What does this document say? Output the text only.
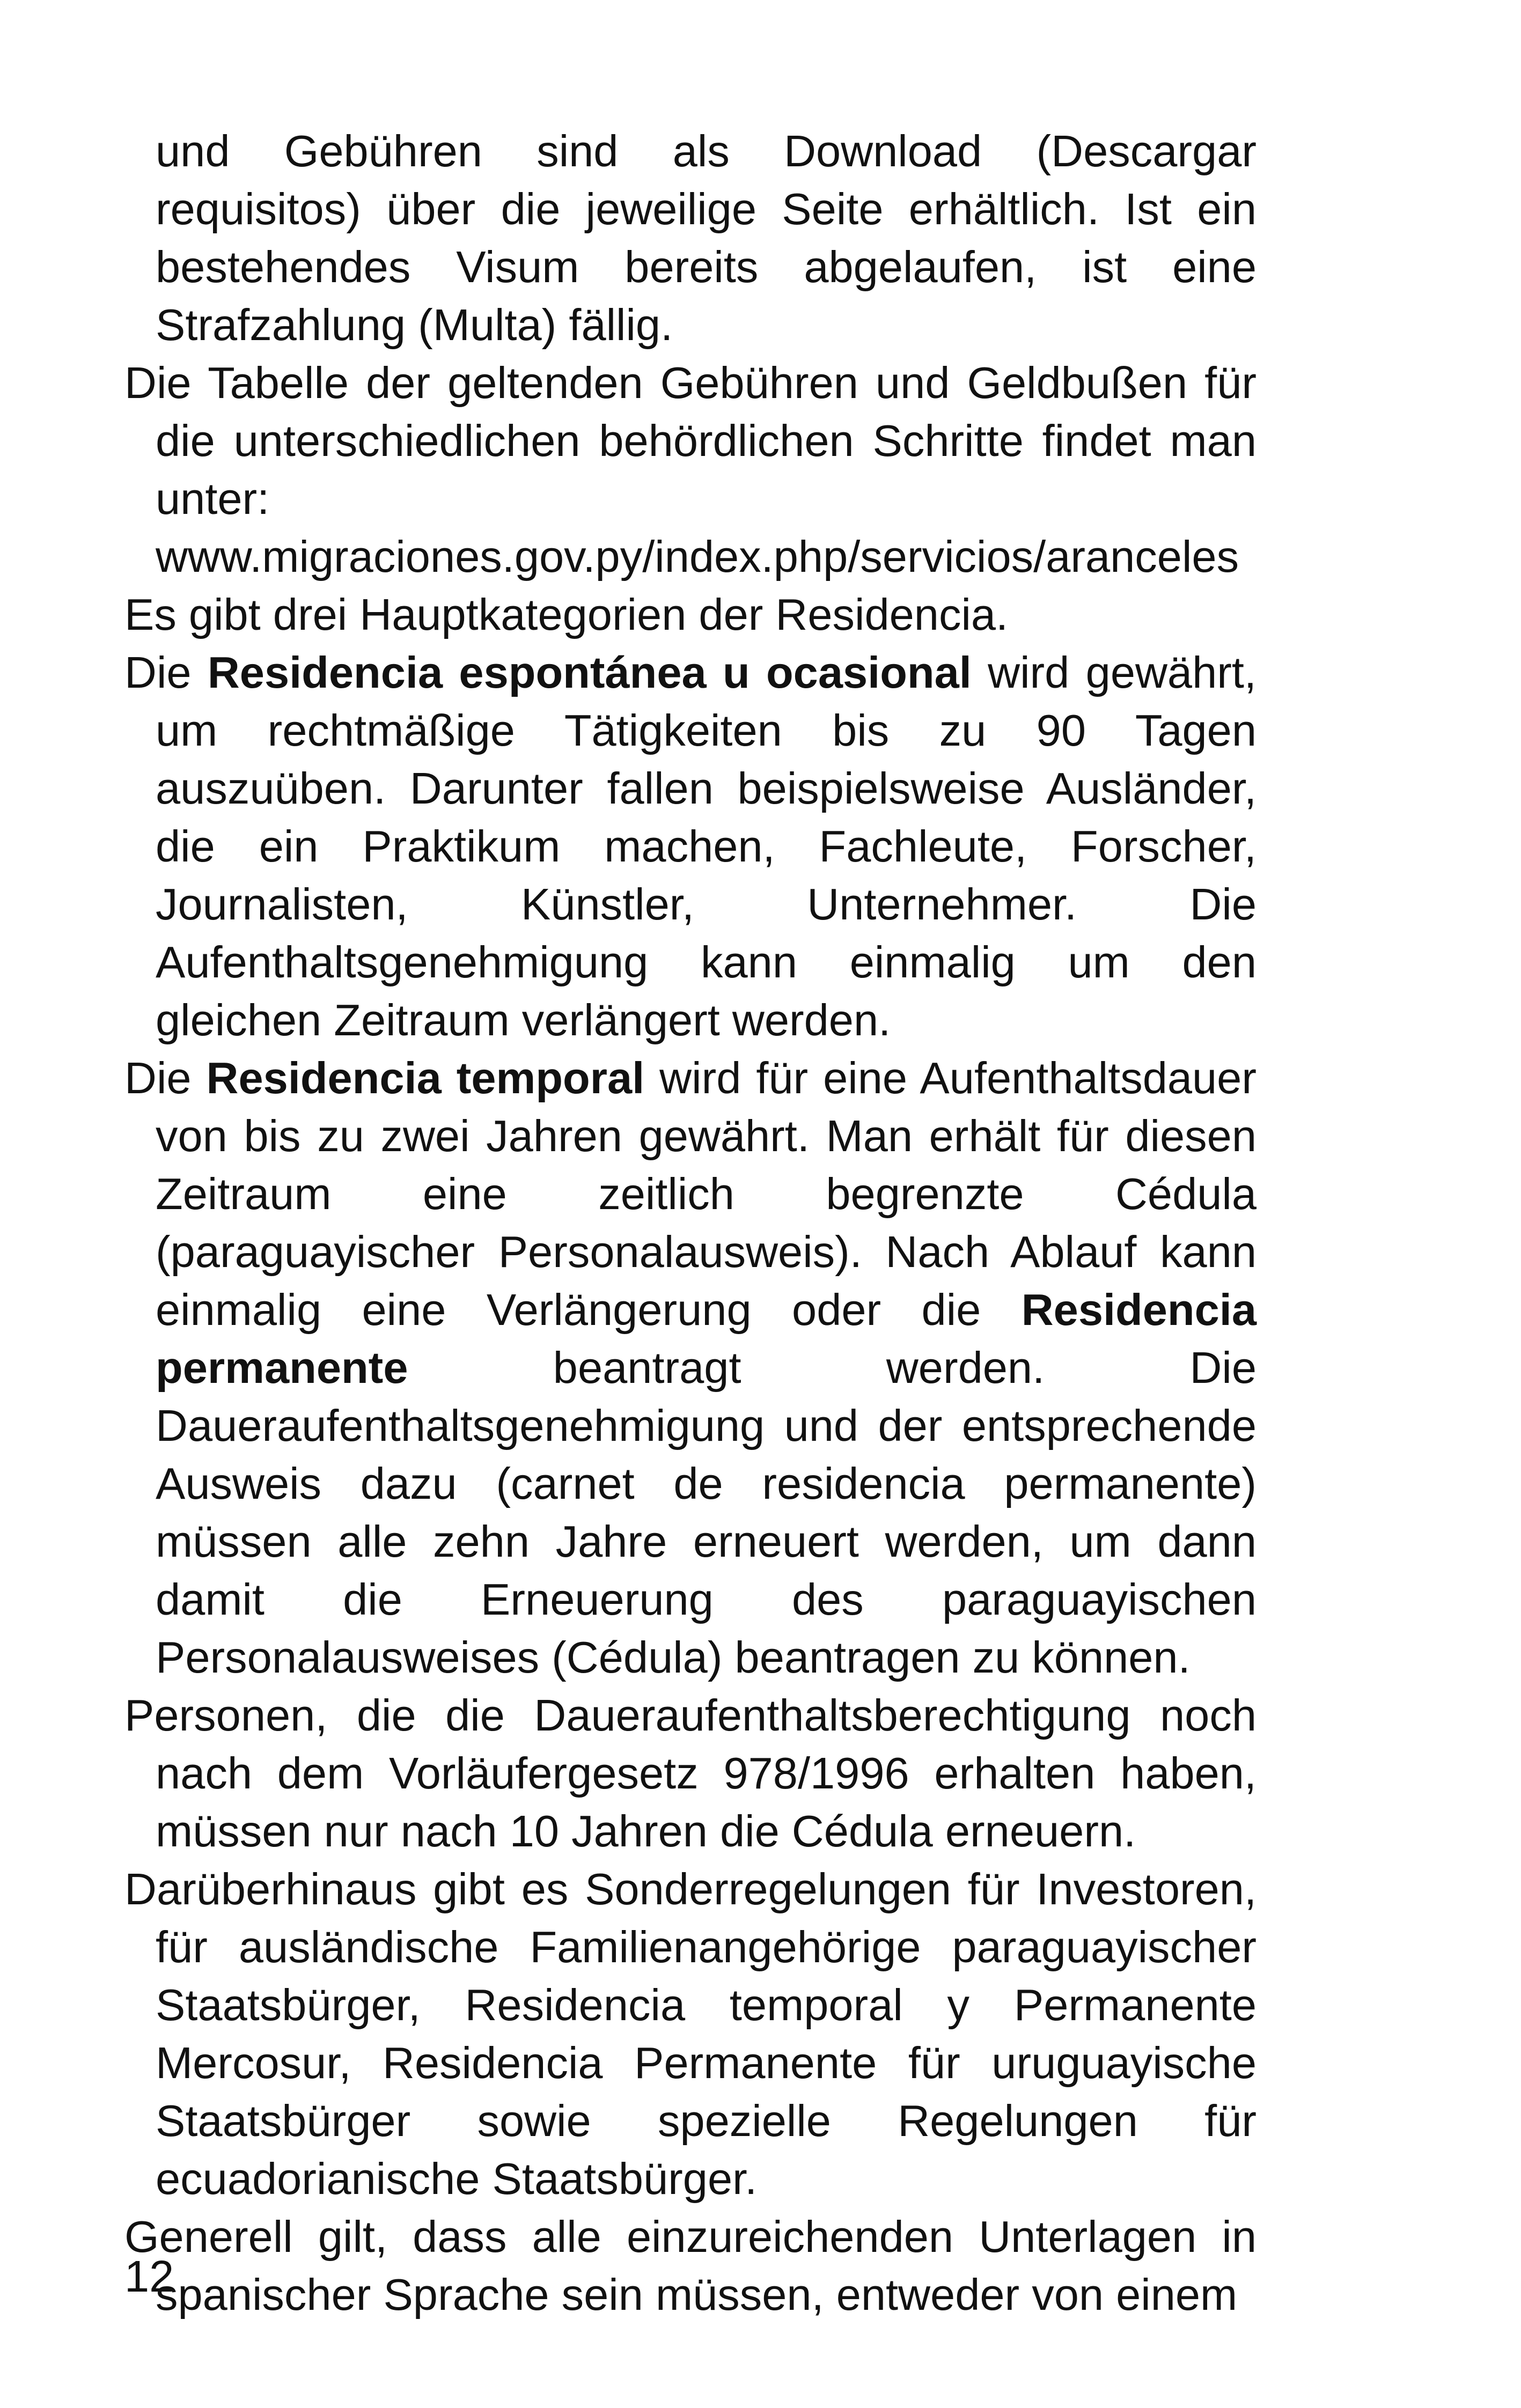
und Gebühren sind als Download (Descargar requisitos) über die jeweilige Seite erhältlich. Ist ein bestehendes Visum bereits abgelaufen, ist eine Strafzahlung (Multa) fällig.

Die Tabelle der geltenden Gebühren und Geldbußen für die unterschiedlichen behördlichen Schritte findet man unter:
www.migraciones.gov.py/index.php/servicios/aranceles

Es gibt drei Hauptkategorien der Residencia.

Die Residencia espontánea u ocasional wird gewährt, um rechtmäßige Tätigkeiten bis zu 90 Tagen auszuüben. Darunter fallen beispielsweise Ausländer, die ein Praktikum machen, Fachleute, Forscher, Journalisten, Künstler, Unternehmer. Die Aufenthaltsgenehmigung kann einmalig um den gleichen Zeitraum verlängert werden.

Die Residencia temporal wird für eine Aufenthaltsdauer von bis zu zwei Jahren gewährt. Man erhält für diesen Zeitraum eine zeitlich begrenzte Cédula (paraguayischer Personalausweis). Nach Ablauf kann einmalig eine Verlängerung oder die Residencia permanente beantragt werden. Die Daueraufenthaltsgenehmigung und der entsprechende Ausweis dazu (carnet de residencia permanente) müssen alle zehn Jahre erneuert werden, um dann damit die Erneuerung des paraguayischen Personalausweises (Cédula) beantragen zu können.

Personen, die die Daueraufenthaltsberechtigung noch nach dem Vorläufergesetz 978/1996 erhalten haben, müssen nur nach 10 Jahren die Cédula erneuern.

Darüberhinaus gibt es Sonderregelungen für Investoren, für ausländische Familienangehörige paraguayischer Staatsbürger, Residencia temporal y Permanente Mercosur, Residencia Permanente für uruguayische Staatsbürger sowie spezielle Regelungen für ecuadorianische Staatsbürger.

Generell gilt, dass alle einzureichenden Unterlagen in spanischer Sprache sein müssen, entweder von einem

12
